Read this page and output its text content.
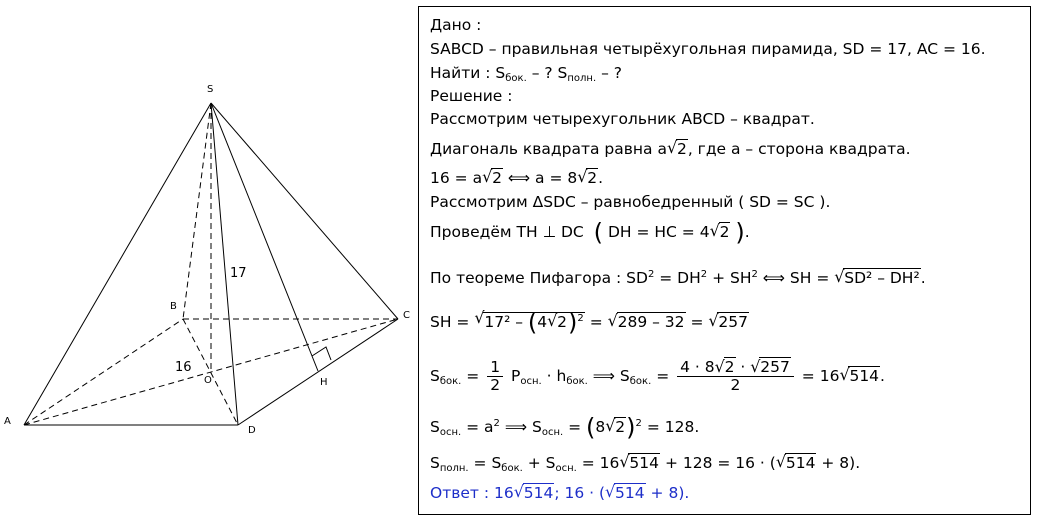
S
A
B
C
D
O	H
17
16
Дано :
SABCD – правильная четырёхугольная пирамида, SD = 17, AC = 16.
Найти : $S_{бок.}$ – ? $S_{полн.}$ – ?
Решение :
Рассмотрим четырехугольник ABCD – квадрат.
Диагональ квадрата равна a√ 2, где a – сторона квадрата.
16 = a√ 2 ⟺ a = 8√ 2.
Рассмотрим ΔSDC – равнобедренный ( SD = SC ).
Проведём TH ⊥ DC ( DH = HC = 4√ 2 ).
По теореме Пифагора : $SD^2 = DH^2 + SH^2$ ⟺ SH = √ SD² – DH².
SH = √ 17² – (4√ 2)$^2$ = √ 289 – 32 = √ 257
$S_{бок.} = \frac{1}{2} P_{осн.} \cdot h_{бок.}$ ⟹ $S_{бок.} = \frac{4 \cdot 8√ 2 \cdot √ 257}{2} = 16√$ 514.
$S_{осн.} = a^2$ ⟹ $S_{осн.} = (8√$ 2)$^2$ = 128.
$S_{полн.} = S_{бок.} + S_{осн.} = 16√$ 514 + 128 = 16 · (√ 514 + 8).
Ответ : 16√ 514; 16 · (√ 514 + 8).
